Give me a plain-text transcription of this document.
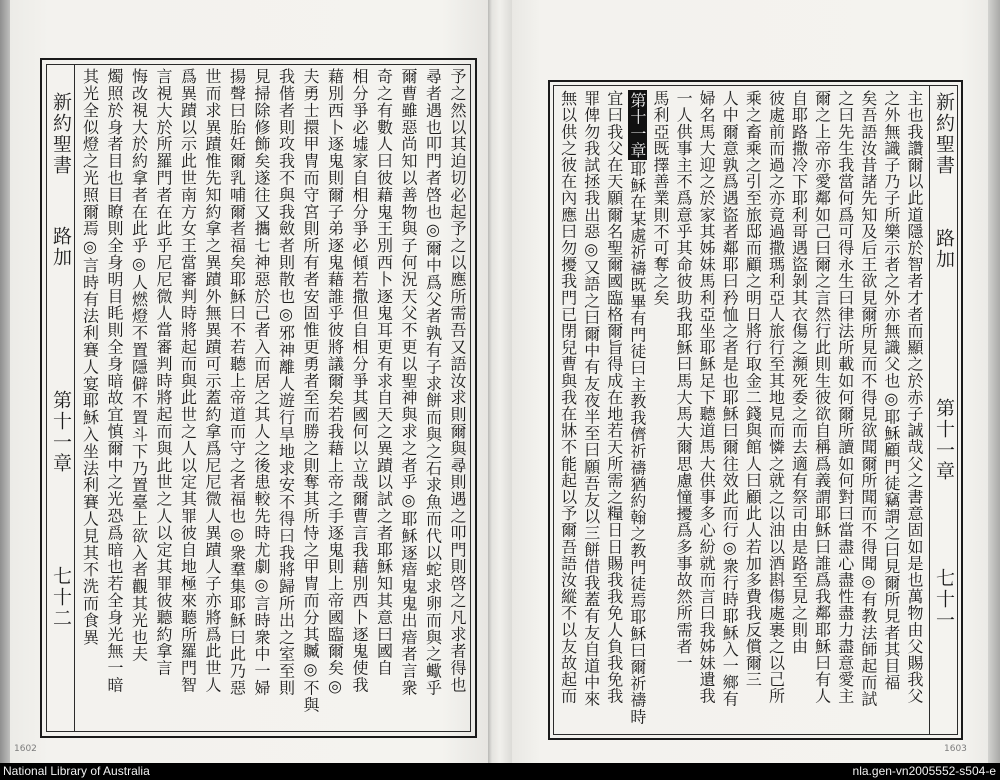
新約聖書
路加
第十一章
七十二	予之然以其迫切必起予之以應所需吾又語汝求則爾與尋則遇之叩門則啓之凡求者得也
尋者遇也叩門者啓也◎爾中爲父者孰有子求餅而與之石求魚而代以蛇求卵而與之蠍乎
爾曹雖惡尚知以善物與子何況天父不更以聖神與求之者乎◎耶穌逐瘖鬼鬼出瘖者言衆
奇之有數人曰彼藉鬼王別西卜逐鬼耳更有求自天之異蹟以試之者耶穌知其意曰國自
相分爭必墟家自相分爭必傾若撒但自相分爭其國何以立哉爾曹言我藉別西卜逐鬼使我
藉別西卜逐鬼則爾子弟逐鬼藉誰乎彼將議爾矣若我藉上帝之手逐鬼則上帝國臨爾矣◎
夫勇士擐甲冑而守宮則所有者安固惟更勇者至而勝之則奪其所恃之甲冑而分其贓◎不與
我偕者則攻我不與我斂者則散也◎邪神離人遊行旱地求安不得曰我將歸所出之室至則
見掃除修飾矣遂往又攜七神惡於己者入而居之其人之後患較先時尤劇◎言時衆中一婦
揚聲曰胎妊爾乳哺爾者福矣耶穌曰不若聽上帝道而守之者福也◎衆羣集耶穌曰此乃惡
世而求異蹟惟先知約拿之異蹟外無異蹟可示蓋約拿爲尼尼微人異蹟人子亦將爲此世人
爲異蹟以示此世南方女王當審判時將起而與此世之人以定其罪彼自地極來聽所羅門智
言視大於所羅門者在此乎尼尼微人當審判時將起而與此世之人以定其罪彼聽約拿言
悔改視大於約拿者在此乎◎人燃燈不置隱僻不置斗下乃置臺上欲入者觀其光也夫
燭照於身者目也目瞭則全身明目眊則全身暗故宜慎爾中之光恐爲暗也若全身光無一暗
其光全似燈之光照爾焉◎言時有法利賽人宴耶穌入坐法利賽人見其不洗而食異
1602
新約聖書
路加
第十一章
七十一
主也我讚爾以此道隱於智者才者而顯之於赤子誠哉父之書意固如是也萬物由父賜我父
之外無識子乃子所樂示者之外亦無識父也◎耶穌顧門徒竊謂之曰見爾所見者其目福
矣吾語汝昔諸先知及后王欲見爾所見而不得見欲聞爾所聞而不得聞◎有教法師起而試
之曰先生我當何爲可得永生曰律法所載如何爾所讀如何對曰當盡心盡性盡力盡意愛主
爾之上帝亦愛鄰如己曰爾之言然行此則生彼欲自稱爲義謂耶穌曰誰爲我鄰耶穌曰有人
自耶路撒冷下耶利哥遇盜剝其衣傷之瀕死委之而去適有祭司由是路至見之則由
彼處前而過之亦竟過撒瑪利亞人旅行至其地見而憐之就之以油以酒斟傷處裹之以己所
乘之畜乘之引至旅邸而顧之明日將行取金二錢與館人曰顧此人若加多費我反償爾三
人中爾意孰爲遇盜者鄰耶曰矜恤之者是也耶穌曰爾往效此而行◎衆行時耶穌入一鄉有
婦名馬大迎之於家其姊妹馬利亞坐耶穌足下聽道馬大供事多心紛就而言曰我姊妹遺我
一人供事主不爲意乎其命彼助我耶穌曰馬大馬大爾思慮憧擾爲多事故然所需者一
馬利亞既擇善業則不可奪之矣
第十一章耶穌在某處祈禱既畢有門徒曰主教我儕祈禱猶約翰之教門徒焉耶穌曰爾祈禱時
宜曰我父在天願爾名聖爾國臨格爾旨得成在地若天所需之糧日日賜我我免人負我免我
罪俾勿我試拯我出惡◎又語之曰爾中有友夜半至曰願吾友以三餅借我蓋有友自道中來
無以供之彼在內應曰勿擾我門已閉兒曹與我在牀不能起以予爾吾語汝縱不以友故起而
1603
National Library of Australia	nla.gen-vn2005552-s504-e
